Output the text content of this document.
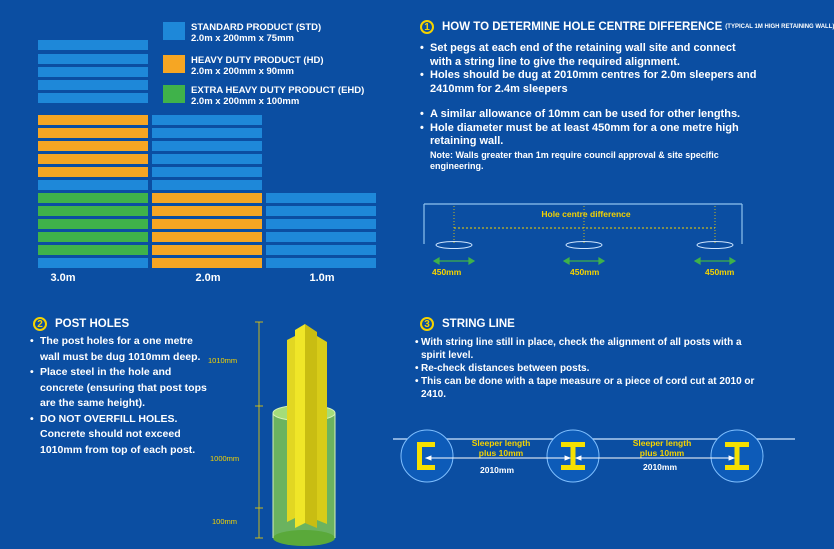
STANDARD PRODUCT (STD)
2.0m x 200mm x 75mm
HEAVY DUTY PRODUCT (HD)
2.0m x 200mm x 90mm
EXTRA HEAVY DUTY PRODUCT (EHD)
2.0m x 200mm x 100mm
3.0m	2.0m	1.0m
1	HOW TO DETERMINE HOLE CENTRE DIFFERENCE (TYPICAL 1M HIGH RETAINING WALL)
• Set pegs at each end of the retaining wall site and connect with a string line to give the required alignment.
• Holes should be dug at 2010mm centres for 2.0m sleepers and 2410mm for 2.4m sleepers
• A similar allowance of 10mm can be used for other lengths.
• Hole diameter must be at least 450mm for a one metre high retaining wall.
Note: Walls greater than 1m require council approval & site specific engineering.
Hole centre difference
450mm	450mm	450mm
2	POST HOLES
• The post holes for a one metre wall must be dug 1010mm deep.
• Place steel in the hole and concrete (ensuring that post tops are the same height).
• DO NOT OVERFILL HOLES. Concrete should not exceed 1010mm from top of each post.
1010mm
1000mm
100mm
3	STRING LINE
• With string line still in place, check the alignment of all posts with a spirit level.
• Re-check distances between posts.
• This can be done with a tape measure or a piece of cord cut at 2010 or 2410.
Sleeper length
plus 10mm
2010mm
Sleeper length
plus 10mm
2010mm
